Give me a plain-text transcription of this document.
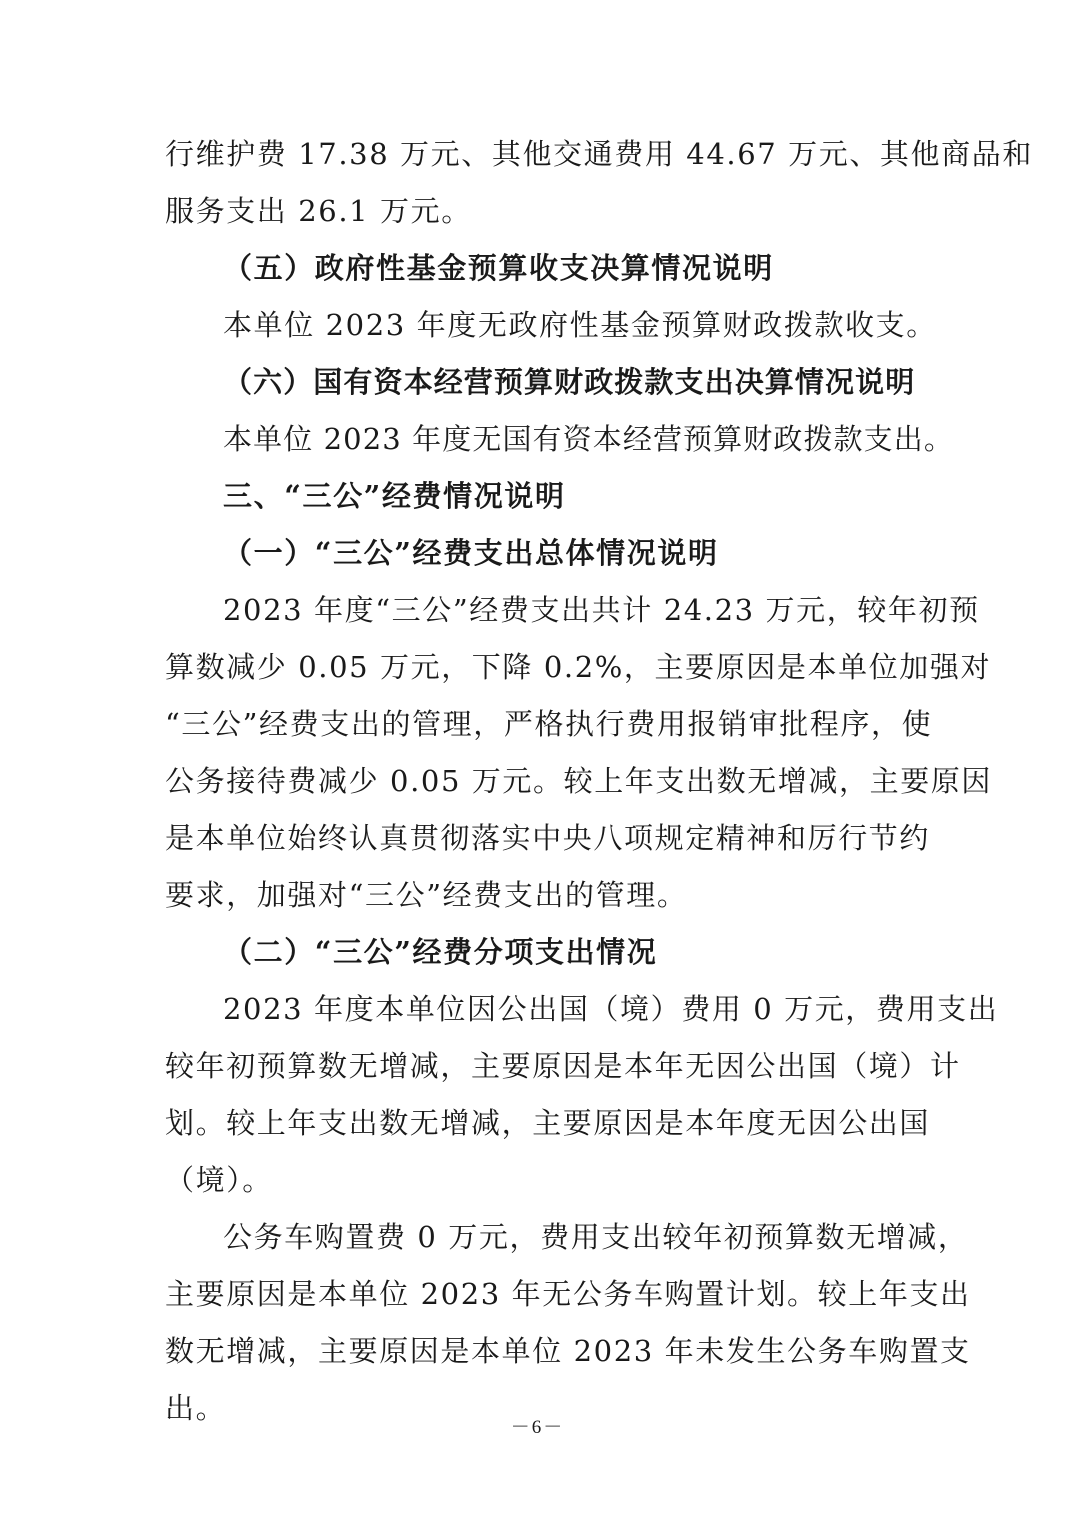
行维护费 17.38 万元、其他交通费用 44.67 万元、其他商品和
服务支出 26.1 万元。
（五）政府性基金预算收支决算情况说明
本单位 2023 年度无政府性基金预算财政拨款收支。
（六）国有资本经营预算财政拨款支出决算情况说明
本单位 2023 年度无国有资本经营预算财政拨款支出。
三、“三公”经费情况说明
（一）“三公”经费支出总体情况说明
2023 年度“三公”经费支出共计 24.23 万元，较年初预
算数减少 0.05 万元，下降 0.2%，主要原因是本单位加强对
“三公”经费支出的管理，严格执行费用报销审批程序，使
公务接待费减少 0.05 万元。较上年支出数无增减，主要原因
是本单位始终认真贯彻落实中央八项规定精神和厉行节约
要求，加强对“三公”经费支出的管理。
（二）“三公”经费分项支出情况
2023 年度本单位因公出国（境）费用 0 万元，费用支出
较年初预算数无增减，主要原因是本年无因公出国（境）计
划。较上年支出数无增减，主要原因是本年度无因公出国
（境）。
公务车购置费 0 万元，费用支出较年初预算数无增减，
主要原因是本单位 2023 年无公务车购置计划。较上年支出
数无增减，主要原因是本单位 2023 年未发生公务车购置支
出。
－6－
